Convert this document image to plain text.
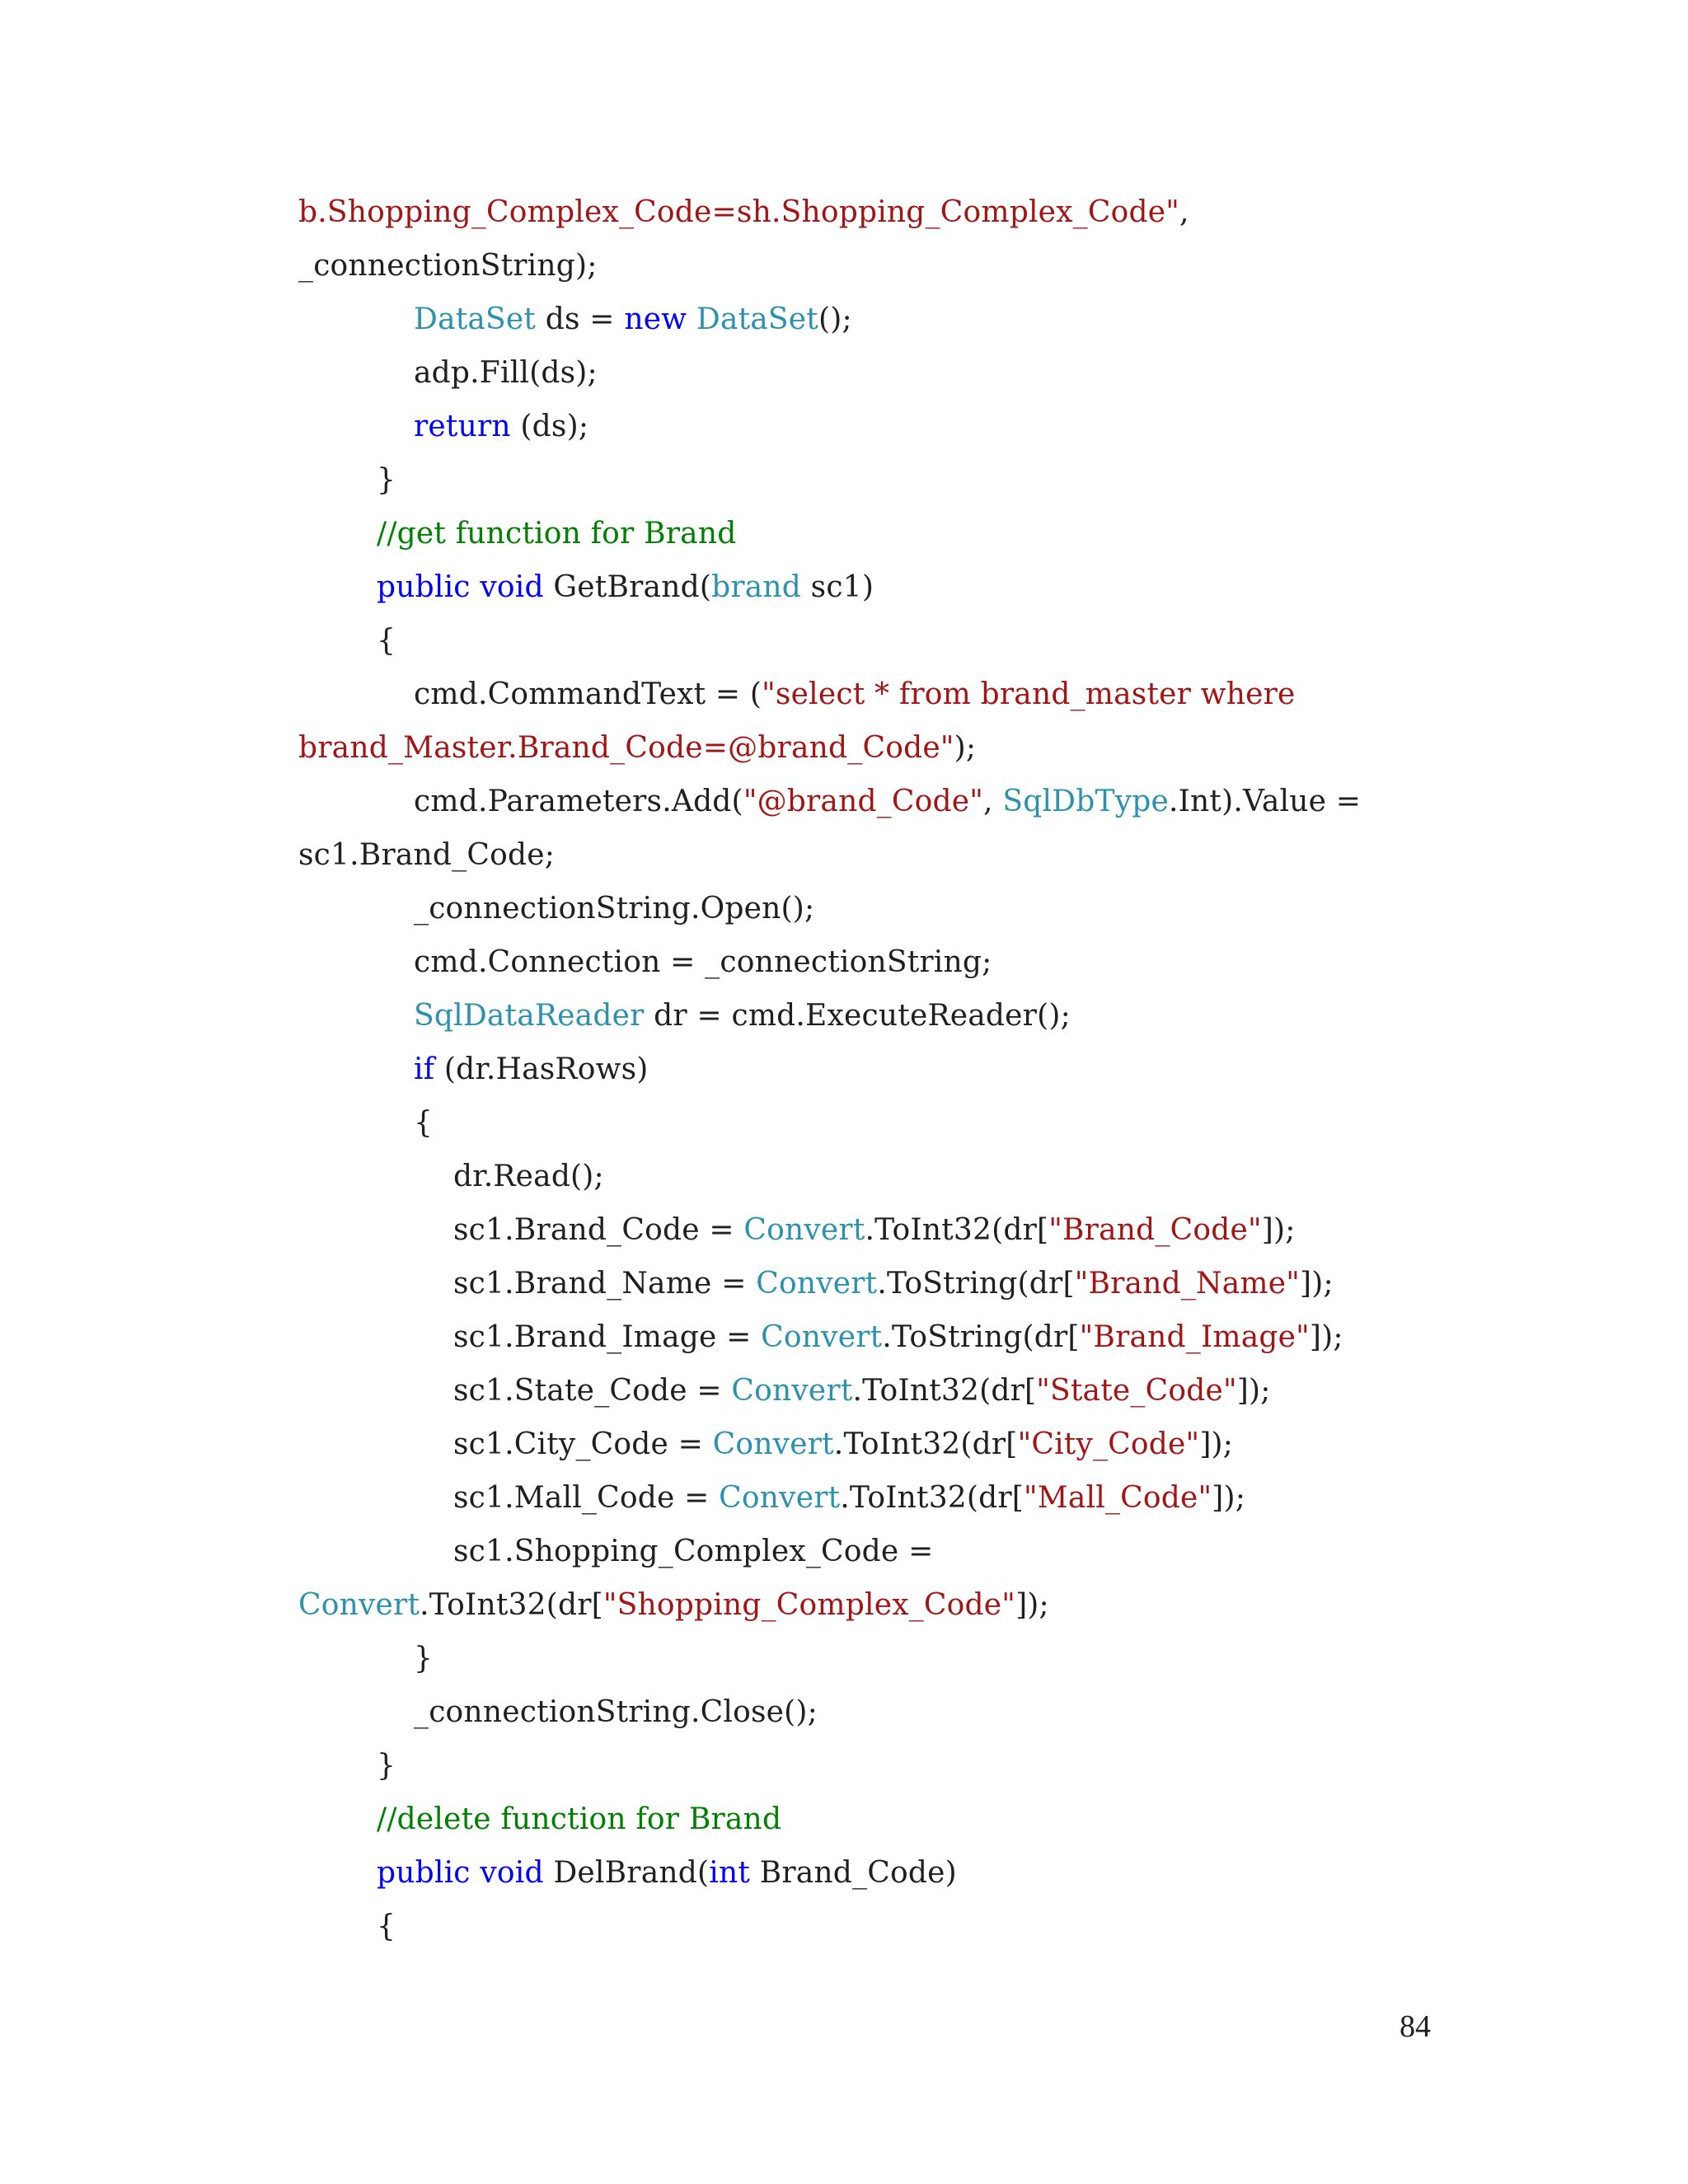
b.Shopping_Complex_Code=sh.Shopping_Complex_Code",
_connectionString);
DataSet ds = new DataSet();
adp.Fill(ds);
return (ds);
}
//get function for Brand
public void GetBrand(brand sc1)
{
cmd.CommandText = ("select * from brand_master where
brand_Master.Brand_Code=@brand_Code");
cmd.Parameters.Add("@brand_Code", SqlDbType.Int).Value =
sc1.Brand_Code;
_connectionString.Open();
cmd.Connection = _connectionString;
SqlDataReader dr = cmd.ExecuteReader();
if (dr.HasRows)
{
dr.Read();
sc1.Brand_Code = Convert.ToInt32(dr["Brand_Code"]);
sc1.Brand_Name = Convert.ToString(dr["Brand_Name"]);
sc1.Brand_Image = Convert.ToString(dr["Brand_Image"]);
sc1.State_Code = Convert.ToInt32(dr["State_Code"]);
sc1.City_Code = Convert.ToInt32(dr["City_Code"]);
sc1.Mall_Code = Convert.ToInt32(dr["Mall_Code"]);
sc1.Shopping_Complex_Code =
Convert.ToInt32(dr["Shopping_Complex_Code"]);
}
_connectionString.Close();
}
//delete function for Brand
public void DelBrand(int Brand_Code)
{
84
